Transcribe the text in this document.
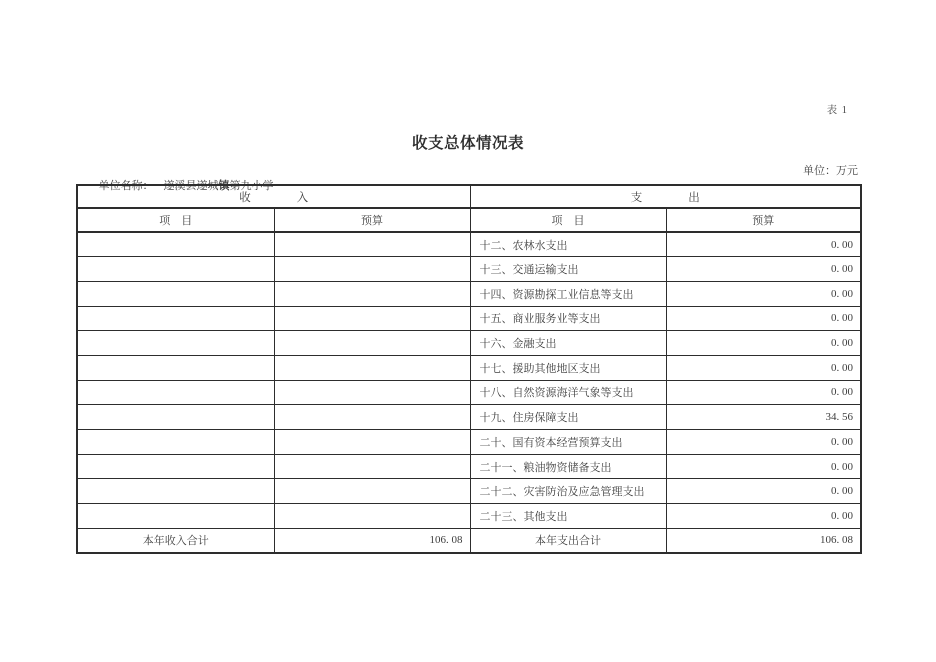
表 1
收支总体情况表

单位名称： 遂溪县遂城镇第九小学

单位：万元
收　　　　入		支　　　　出	
项　目	预算	项　目	预算
		十二、农林水支出	0. 00
		十三、交通运输支出	0. 00
		十四、资源勘探工业信息等支出	0. 00
		十五、商业服务业等支出	0. 00
		十六、金融支出	0. 00
		十七、援助其他地区支出	0. 00
		十八、自然资源海洋气象等支出	0. 00
		十九、住房保障支出	34. 56
		二十、国有资本经营预算支出	0. 00
		二十一、粮油物资储备支出	0. 00
		二十二、灾害防治及应急管理支出	0. 00
		二十三、其他支出	0. 00
本年收入合计	106. 08	本年支出合计	106. 08
